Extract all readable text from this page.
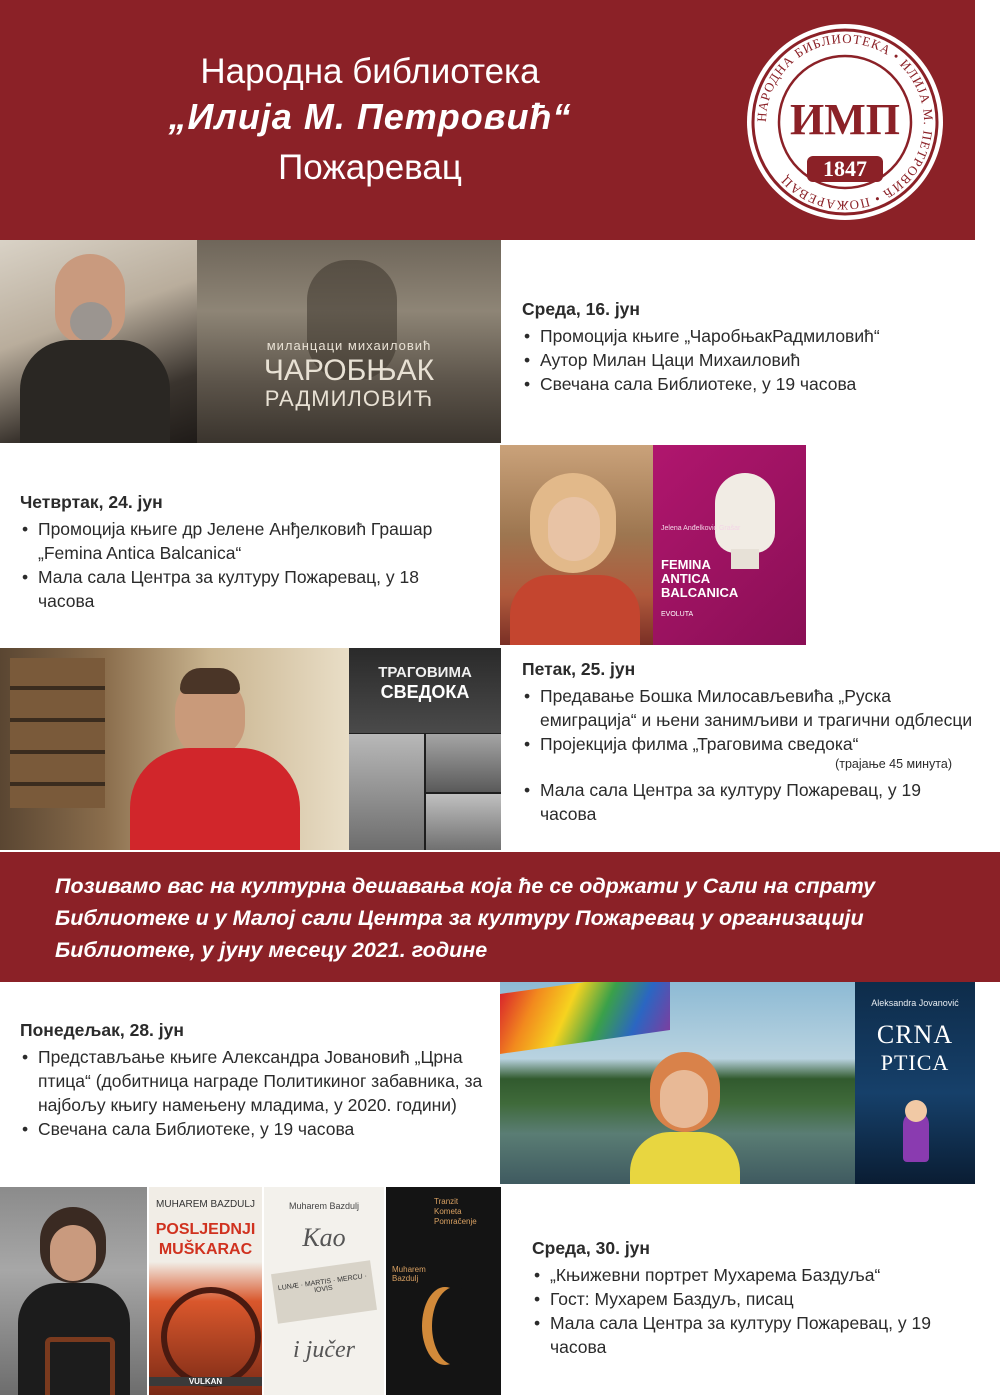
Народна библиотека
„Илија М. Петровић“
Пожаревац
НАРОДНА БИБЛИОТЕКА • ИЛИЈА М. ПЕТРОВИЋ • ПОЖАРЕВАЦ
ИМП
1847
миланцаци михаиловић
ЧАРОБЊАК
РАДМИЛОВИЋ
Среда, 16. јун
• Промоција књиге „ЧаробњакРадмиловић“
• Аутор Милан Цаци Михаиловић
• Свечана сала Библиотеке, у 19 часова
Четвртак, 24. јун
• Промоција књиге др Јелене Анђелковић Грашар „Femina Antica Balcanica“
• Мала сала Центра за културу Пожаревац, у 18 часова
Jelena Anđelković Grašar
FEMINA
ANTICA
BALCANICA
EVOLUTA
ТРАГОВИМА
СВЕДОКА
Петак, 25. јун
• Предавање Бошка Милосављевића „Руска емиграција“ и њени занимљиви и трагични одблесци
• Пројекција филма „Траговима сведока“
(трајање 45 минута)
• Мала сала Центра за културу Пожаревац, у 19 часова
Позивамо вас на културна дешавања која ће се одржати у Сали на спрату Библиотеке и у Малој сали Центра за културу Пожаревац у организацији Библиотеке, у јуну месецу 2021. године
Понедељак, 28. јун
• Представљање књиге Александра Јовановић „Црна птица“ (добитница награде Политикиног забавника, за најбољу књигу намењену младима, у 2020. години)
• Свечана сала Библиотеке, у 19 часова
Aleksandra Jovanović
CRNA
PTICA
MUHAREM BAZDULJ
POSLJEDNJI
MUŠKARAC
VULKAN
Muharem Bazdulj
Kao
LUNÆ · MARTIS · MERCU · IOVIS
i jučer
Tranzit
Kometa
Pomračenje
Muharem Bazdulj
Среда, 30. јун
• „Књижевни портрет Мухарема Баздуља“
• Гост: Мухарем Баздуљ, писац
• Мала сала Центра за културу Пожаревац, у 19 часова
